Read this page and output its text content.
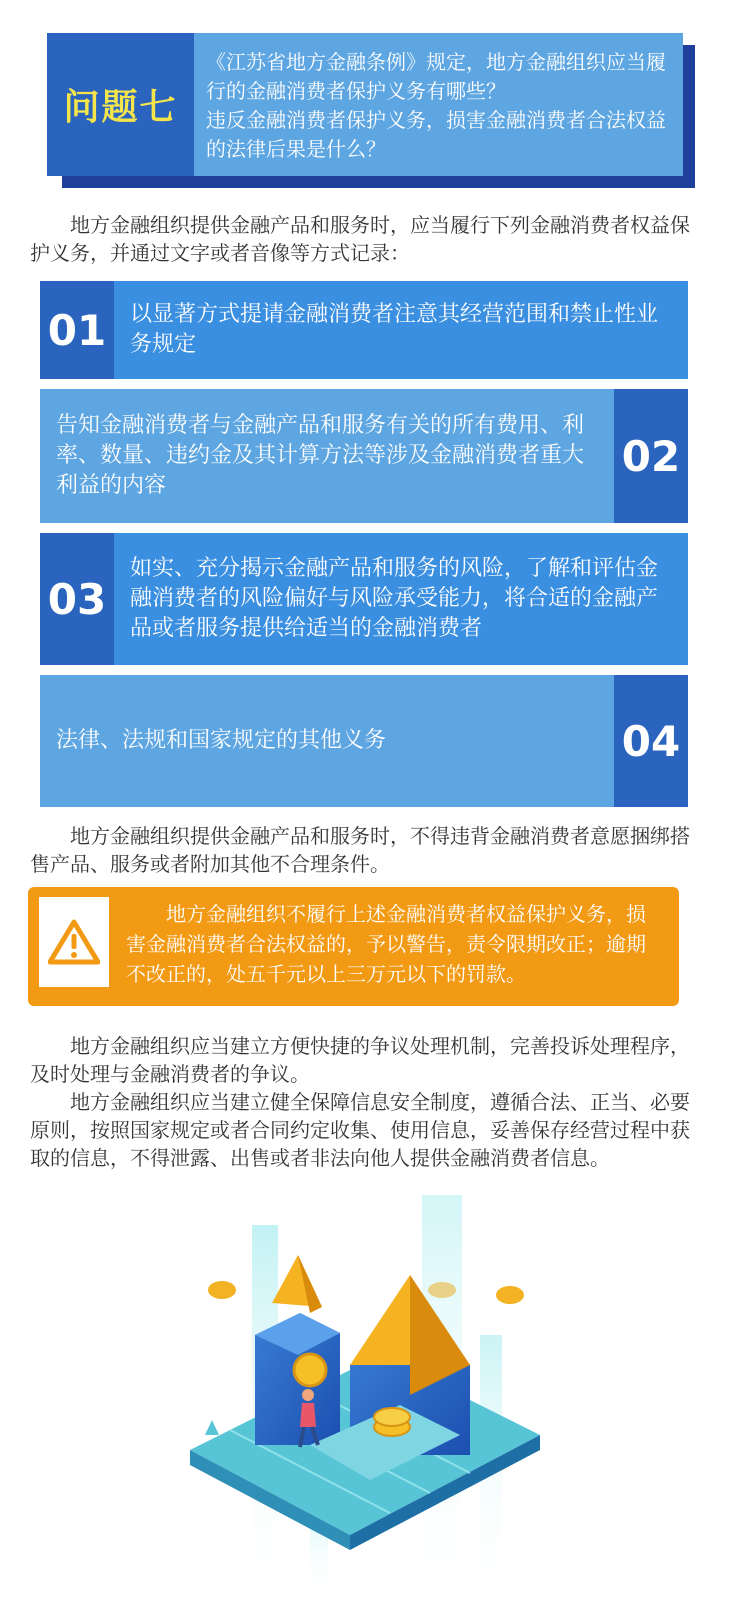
问题七
《江苏省地方金融条例》规定，地方金融组织应当履行的金融消费者保护义务有哪些？
违反金融消费者保护义务，损害金融消费者合法权益的法律后果是什么？

地方金融组织提供金融产品和服务时，应当履行下列金融消费者权益保护义务，并通过文字或者音像等方式记录：

01	以显著方式提请金融消费者注意其经营范围和禁止性业务规定
告知金融消费者与金融产品和服务有关的所有费用、利率、数量、违约金及其计算方法等涉及金融消费者重大利益的内容
02
03
如实、充分揭示金融产品和服务的风险，了解和评估金融消费者的风险偏好与风险承受能力，将合适的金融产品或者服务提供给适当的金融消费者
法律、法规和国家规定的其他义务	04

地方金融组织提供金融产品和服务时，不得违背金融消费者意愿捆绑搭售产品、服务或者附加其他不合理条件。

地方金融组织不履行上述金融消费者权益保护义务，损害金融消费者合法权益的，予以警告，责令限期改正；逾期不改正的，处五千元以上三万元以下的罚款。

地方金融组织应当建立方便快捷的争议处理机制，完善投诉处理程序，及时处理与金融消费者的争议。

地方金融组织应当建立健全保障信息安全制度，遵循合法、正当、必要原则，按照国家规定或者合同约定收集、使用信息，妥善保存经营过程中获取的信息，不得泄露、出售或者非法向他人提供金融消费者信息。
